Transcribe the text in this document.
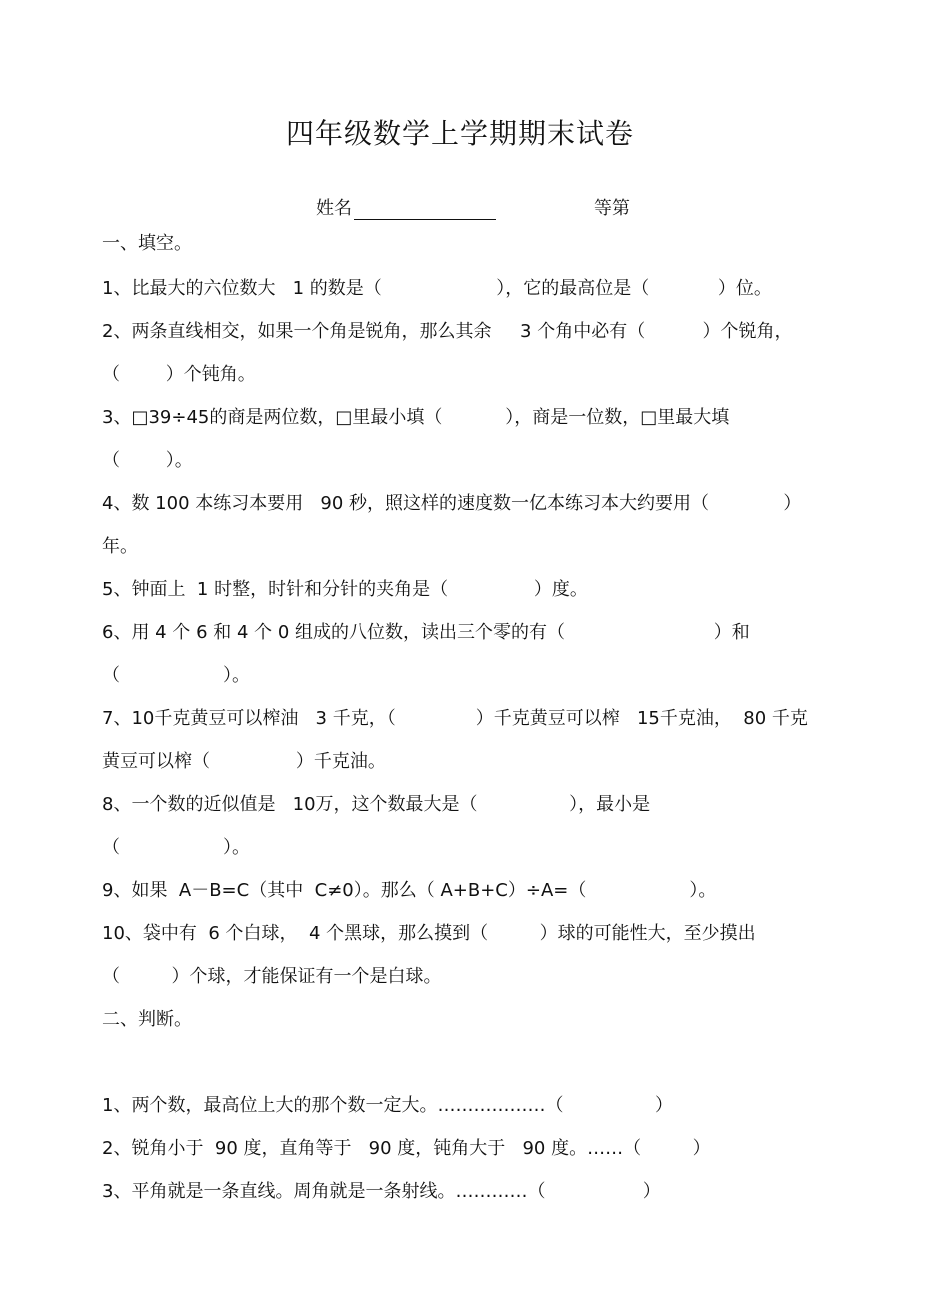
四年级数学上学期期末试卷
姓名	等第
一、填空。
1、比最大的六位数大   1 的数是（                    ），它的最高位是（            ）位。
2、两条直线相交，如果一个角是锐角，那么其余     3 个角中必有（          ）个锐角，
（        ）个钝角。
3、□39÷45的商是两位数，□里最小填（           ），商是一位数，□里最大填
（        ）。
4、数 100 本练习本要用   90 秒，照这样的速度数一亿本练习本大约要用（             ）
年。
5、钟面上  1 时整，时针和分针的夹角是（               ）度。
6、用 4 个 6 和 4 个 0 组成的八位数，读出三个零的有（                          ）和
（                  ）。
7、10千克黄豆可以榨油   3 千克，（              ）千克黄豆可以榨   15千克油，  80 千克
黄豆可以榨（               ）千克油。
8、一个数的近似值是   10万，这个数最大是（                ），最小是
（                  ）。
9、如果  A－B=C（其中  C≠0）。那么（ A+B+C）÷A=（                  ）。
10、袋中有  6 个白球，  4 个黑球，那么摸到（         ）球的可能性大，至少摸出
（         ）个球，才能保证有一个是白球。
二、判断。
1、两个数，最高位上大的那个数一定大。………………（                ）
2、锐角小于  90 度，直角等于   90 度，钝角大于   90 度。……（         ）
3、平角就是一条直线。周角就是一条射线。…………（                 ）
